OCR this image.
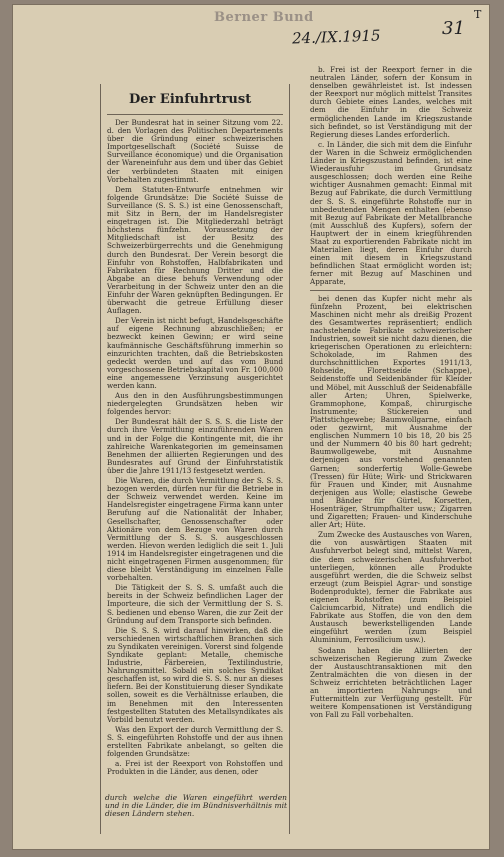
Berner Bund
24./IX.1915	31
T
Der Einfuhrtrust

Der Bundesrat hat in seiner Sitzung vom 22. d. den Vorlagen des Politischen Departements über die Gründung einer schweizerischen Importgesellschaft (Société Suisse de Surveillance économique) und die Organisation der Wareneinfuhr aus dem und über das Gebiet der verbündeten Staaten mit einigen Vorbehalten zugestimmt.

Dem Statuten-Entwurfe entnehmen wir folgende Grundsätze: Die Société Suisse de Surveillance (S. S. S.) ist eine Genossenschaft, mit Sitz in Bern, der im Handelsregister eingetragen ist. Die Mitgliederzahl beträgt höchstens fünfzehn. Voraussetzung der Mitgliedschaft ist der Besitz des Schweizerbürgerrechts und die Genehmigung durch den Bundesrat. Der Verein besorgt die Einfuhr von Rohstoffen, Halbfabrikaten und Fabrikaten für Rechnung Dritter und die Abgabe an diese behufs Verwendung oder Verarbeitung in der Schweiz unter den an die Einfuhr der Waren geknüpften Bedingungen. Er überwacht die getreue Erfüllung dieser Auflagen.

Der Verein ist nicht befugt, Handelsgeschäfte auf eigene Rechnung abzuschließen; er bezweckt keinen Gewinn; er wird seine kaufmännische Geschäftsführung immerhin so einzurichten trachten, daß die Betriebskosten gedeckt werden und auf das vom Bund vorgeschossene Betriebskapital von Fr. 100,000 eine angemessene Verzinsung ausgerichtet werden kann.

Aus den in den Ausführungsbestimmungen niedergelegten Grundsätzen heben wir folgendes hervor:

Der Bundesrat hält der S. S. S. die Liste der durch ihre Vermittlung einzuführenden Waren und in der Folge die Kontingente mit, die ihr zahlreiche Warenkategorien im gemeinsamen Benehmen der alliierten Regierungen und des Bundesrates auf Grund der Einfuhrstatistik über die Jahre 1911/13 festgesetzt werden.

Die Waren, die durch Vermittlung der S. S. S. bezogen werden, dürfen nur für die Betriebe in der Schweiz verwendet werden. Keine im Handelsregister eingetragene Firma kann unter Berufung auf die Nationalität der Inhaber, Gesellschafter, Genossenschafter oder Aktionäre von dem Bezuge von Waren durch Vermittlung der S. S. S. ausgeschlossen werden. Hievon werden lediglich die seit 1. Juli 1914 im Handelsregister eingetragenen und die nicht eingetragenen Firmen ausgenommen; für diese bleibt Verständigung im einzelnen Falle vorbehalten.

Die Tätigkeit der S. S. S. umfaßt auch die bereits in der Schweiz befindlichen Lager der Importeure, die sich der Vermittlung der S. S. S. bedienen und ebenso Waren, die zur Zeit der Gründung auf dem Transporte sich befinden.

Die S. S. S. wird darauf hinwirken, daß die verschiedenen wirtschaftlichen Branchen sich zu Syndikaten vereinigen. Vorerst sind folgende Syndikate geplant: Metalle, chemische Industrie, Färbereien, Textilindustrie, Nahrungsmittel. Sobald ein solches Syndikat geschaffen ist, so wird die S. S. S. nur an dieses liefern. Bei der Konstituierung dieser Syndikate sollen, soweit es die Verhältnisse erlauben, die im Benehmen mit den Interessenten festgestellten Statuten des Metallsyndikates als Vorbild benutzt werden.

Was den Export der durch Vermittlung der S. S. S. eingeführten Rohstoffe und der aus ihnen erstellten Fabrikate anbelangt, so gelten die folgenden Grundsätze:

a. Frei ist der Reexport von Rohstoffen und Produkten in die Länder, aus denen, oder

durch welche die Waren eingeführt werden und in die Länder, die im Bündnisverhältnis mit diesen Ländern stehen.

b. Frei ist der Reexport ferner in die neutralen Länder, sofern der Konsum in denselben gewährleistet ist. Ist indessen der Reexport nur möglich mittelst Transites durch Gebiete eines Landes, welches mit dem die Einfuhr in die Schweiz ermöglichenden Lande im Kriegszustande sich befindet, so ist Verständigung mit der Regierung dieses Landes erforderlich.

c. In Länder, die sich mit dem die Einfuhr der Waren in die Schweiz ermöglichenden Länder in Kriegszustand befinden, ist eine Wiederausfuhr im Grundsatz ausgeschlossen; doch werden eine Reihe wichtiger Ausnahmen gemacht: Einmal mit Bezug auf Fabrikate, die durch Vermittlung der S. S. S. eingeführte Rohstoffe nur in unbedeutenden Mengen enthalten (ebenso mit Bezug auf Fabrikate der Metallbranche (mit Ausschluß des Kupfers), sofern der Hauptwert der in einem kriegführenden Staat zu exportierenden Fabrikate nicht im Materialien liegt, deren Einfuhr durch einen mit diesem in Kriegszustand befindlichen Staat ermöglicht worden ist; ferner mit Bezug auf Maschinen und Apparate,

bei denen das Kupfer nicht mehr als fünfzehn Prozent, bei elektrischen Maschinen nicht mehr als dreißig Prozent des Gesamtwertes repräsentiert; endlich nachstehende Fabrikate schweizerischer Industrien, soweit sie nicht dazu dienen, die kriegerischen Operationen zu erleichtern: Schokolade, im Rahmen des durchschnittlichen Exportes 1911/13, Rohseide, Florettseide (Schappe), Seidenstoffe und Seidenbänder für Kleider und Möbel, mit Ausschluß der Seidenabfälle aller Arten; Uhren, Spielwerke, Grammophone, Kompaß, chirurgische Instrumente; Stickereien und Plattstichgewebe; Baumwollgarne, einfach oder gezwirnt, mit Ausnahme der englischen Nummern 10 bis 18, 20 bis 25 und der Nummern 40 bis 80 hart gedreht; Baumwollgewebe, mit Ausnahme derjenigen aus vorstehend genannten Garnen; sonderfertig Wolle-Gewebe (Tressen) für Hüte; Wirk- und Strickwaren für Frauen und Kinder, mit Ausnahme derjenigen aus Wolle; elastische Gewebe und Bänder für Gürtel, Korsetten, Hosenträger, Strumpfhalter usw.; Zigarren und Zigaretten; Frauen- und Kinderschuhe aller Art; Hüte.

Zum Zwecke des Austausches von Waren, die von auswärtigen Staaten mit Ausfuhrverbot belegt sind, mittelst Waren, die dem schweizerischen Ausfuhrverbot unterliegen, können alle Produkte ausgeführt werden, die die Schweiz selbst erzeugt (zum Beispiel Agrar- und sonstige Bodenprodukte), ferner die Fabrikate aus eigenen Rohstoffen (zum Beispiel Calciumcarbid, Nitrate) und endlich die Fabrikate aus Stoffen, die von den dem Austausch bewerkstelligenden Lande eingeführt werden (zum Beispiel Aluminium, Ferrosilicium usw.).

Sodann haben die Alliierten der schweizerischen Regierung zum Zwecke der Austauschtransaktionen mit den Zentralmächten die von diesen in der Schweiz errichteten beträchtlichen Lager an importierten Nahrungs- und Futtermitteln zur Verfügung gestellt. Für weitere Kompensationen ist Verständigung von Fall zu Fall vorbehalten.
